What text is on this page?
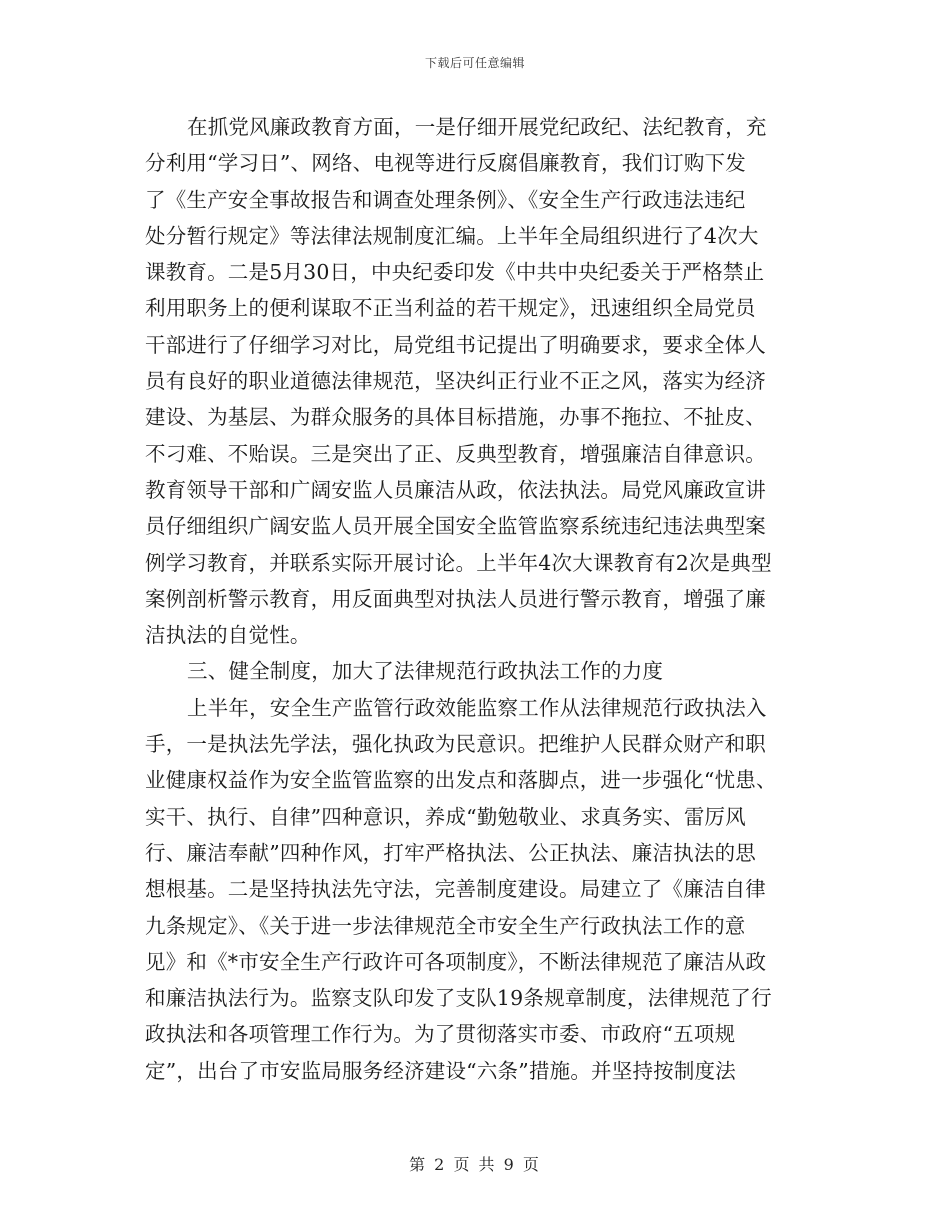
下载后可任意编辑
在抓党风廉政教育方面，一是仔细开展党纪政纪、法纪教育，充
分利用“学习日”、网络、电视等进行反腐倡廉教育，我们订购下发
了《生产安全事故报告和调查处理条例》、《安全生产行政违法违纪
处分暂行规定》等法律法规制度汇编。上半年全局组织进行了4次大
课教育。二是5月30日，中央纪委印发《中共中央纪委关于严格禁止
利用职务上的便利谋取不正当利益的若干规定》，迅速组织全局党员
干部进行了仔细学习对比，局党组书记提出了明确要求，要求全体人
员有良好的职业道德法律规范，坚决纠正行业不正之风，落实为经济
建设、为基层、为群众服务的具体目标措施，办事不拖拉、不扯皮、
不刁难、不贻误。三是突出了正、反典型教育，增强廉洁自律意识。
教育领导干部和广阔安监人员廉洁从政，依法执法。局党风廉政宣讲
员仔细组织广阔安监人员开展全国安全监管监察系统违纪违法典型案
例学习教育，并联系实际开展讨论。上半年4次大课教育有2次是典型
案例剖析警示教育，用反面典型对执法人员进行警示教育，增强了廉
洁执法的自觉性。
三、健全制度，加大了法律规范行政执法工作的力度
上半年，安全生产监管行政效能监察工作从法律规范行政执法入
手，一是执法先学法，强化执政为民意识。把维护人民群众财产和职
业健康权益作为安全监管监察的出发点和落脚点，进一步强化“忧患、
实干、执行、自律”四种意识，养成“勤勉敬业、求真务实、雷厉风
行、廉洁奉献”四种作风，打牢严格执法、公正执法、廉洁执法的思
想根基。二是坚持执法先守法，完善制度建设。局建立了《廉洁自律
九条规定》、《关于进一步法律规范全市安全生产行政执法工作的意
见》和《*市安全生产行政许可各项制度》，不断法律规范了廉洁从政
和廉洁执法行为。监察支队印发了支队19条规章制度，法律规范了行
政执法和各项管理工作行为。为了贯彻落实市委、市政府“五项规
定”，出台了市安监局服务经济建设“六条”措施。并坚持按制度法
第 2 页 共 9 页
